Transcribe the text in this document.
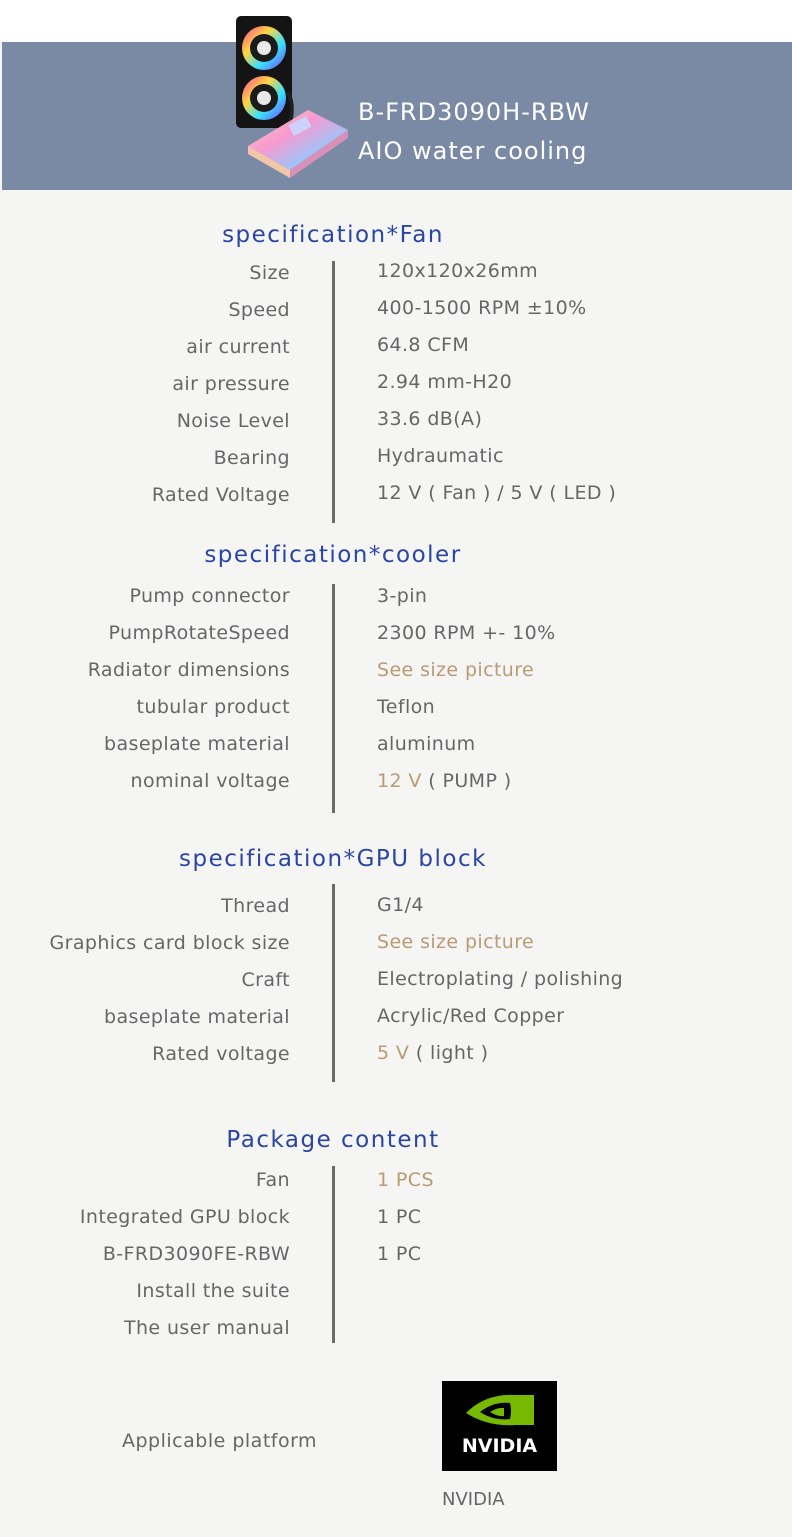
B-FRD3090H-RBW
AIO water cooling
specification*Fan
Size	120x120x26mm
Speed	400-1500 RPM ±10%
air current	64.8 CFM
air pressure	2.94 mm-H20
Noise Level	33.6 dB(A)
Bearing	Hydraumatic
Rated Voltage	12 V ( Fan ) / 5 V ( LED )
specification*cooler
Pump connector	3-pin
PumpRotateSpeed	2300 RPM +- 10%
Radiator dimensions	See size picture
tubular product	Teflon
baseplate material	aluminum
nominal voltage	12 V ( PUMP )
specification*GPU block
Thread	G1/4
Graphics card block size	See size picture
Craft	Electroplating / polishing
baseplate material	Acrylic/Red Copper
Rated voltage	5 V ( light )
Package content
Fan	1 PCS
Integrated GPU block	1 PC
B-FRD3090FE-RBW	1 PC
Install the suite
The user manual
Applicable platform	NVIDIA
NVIDIA
